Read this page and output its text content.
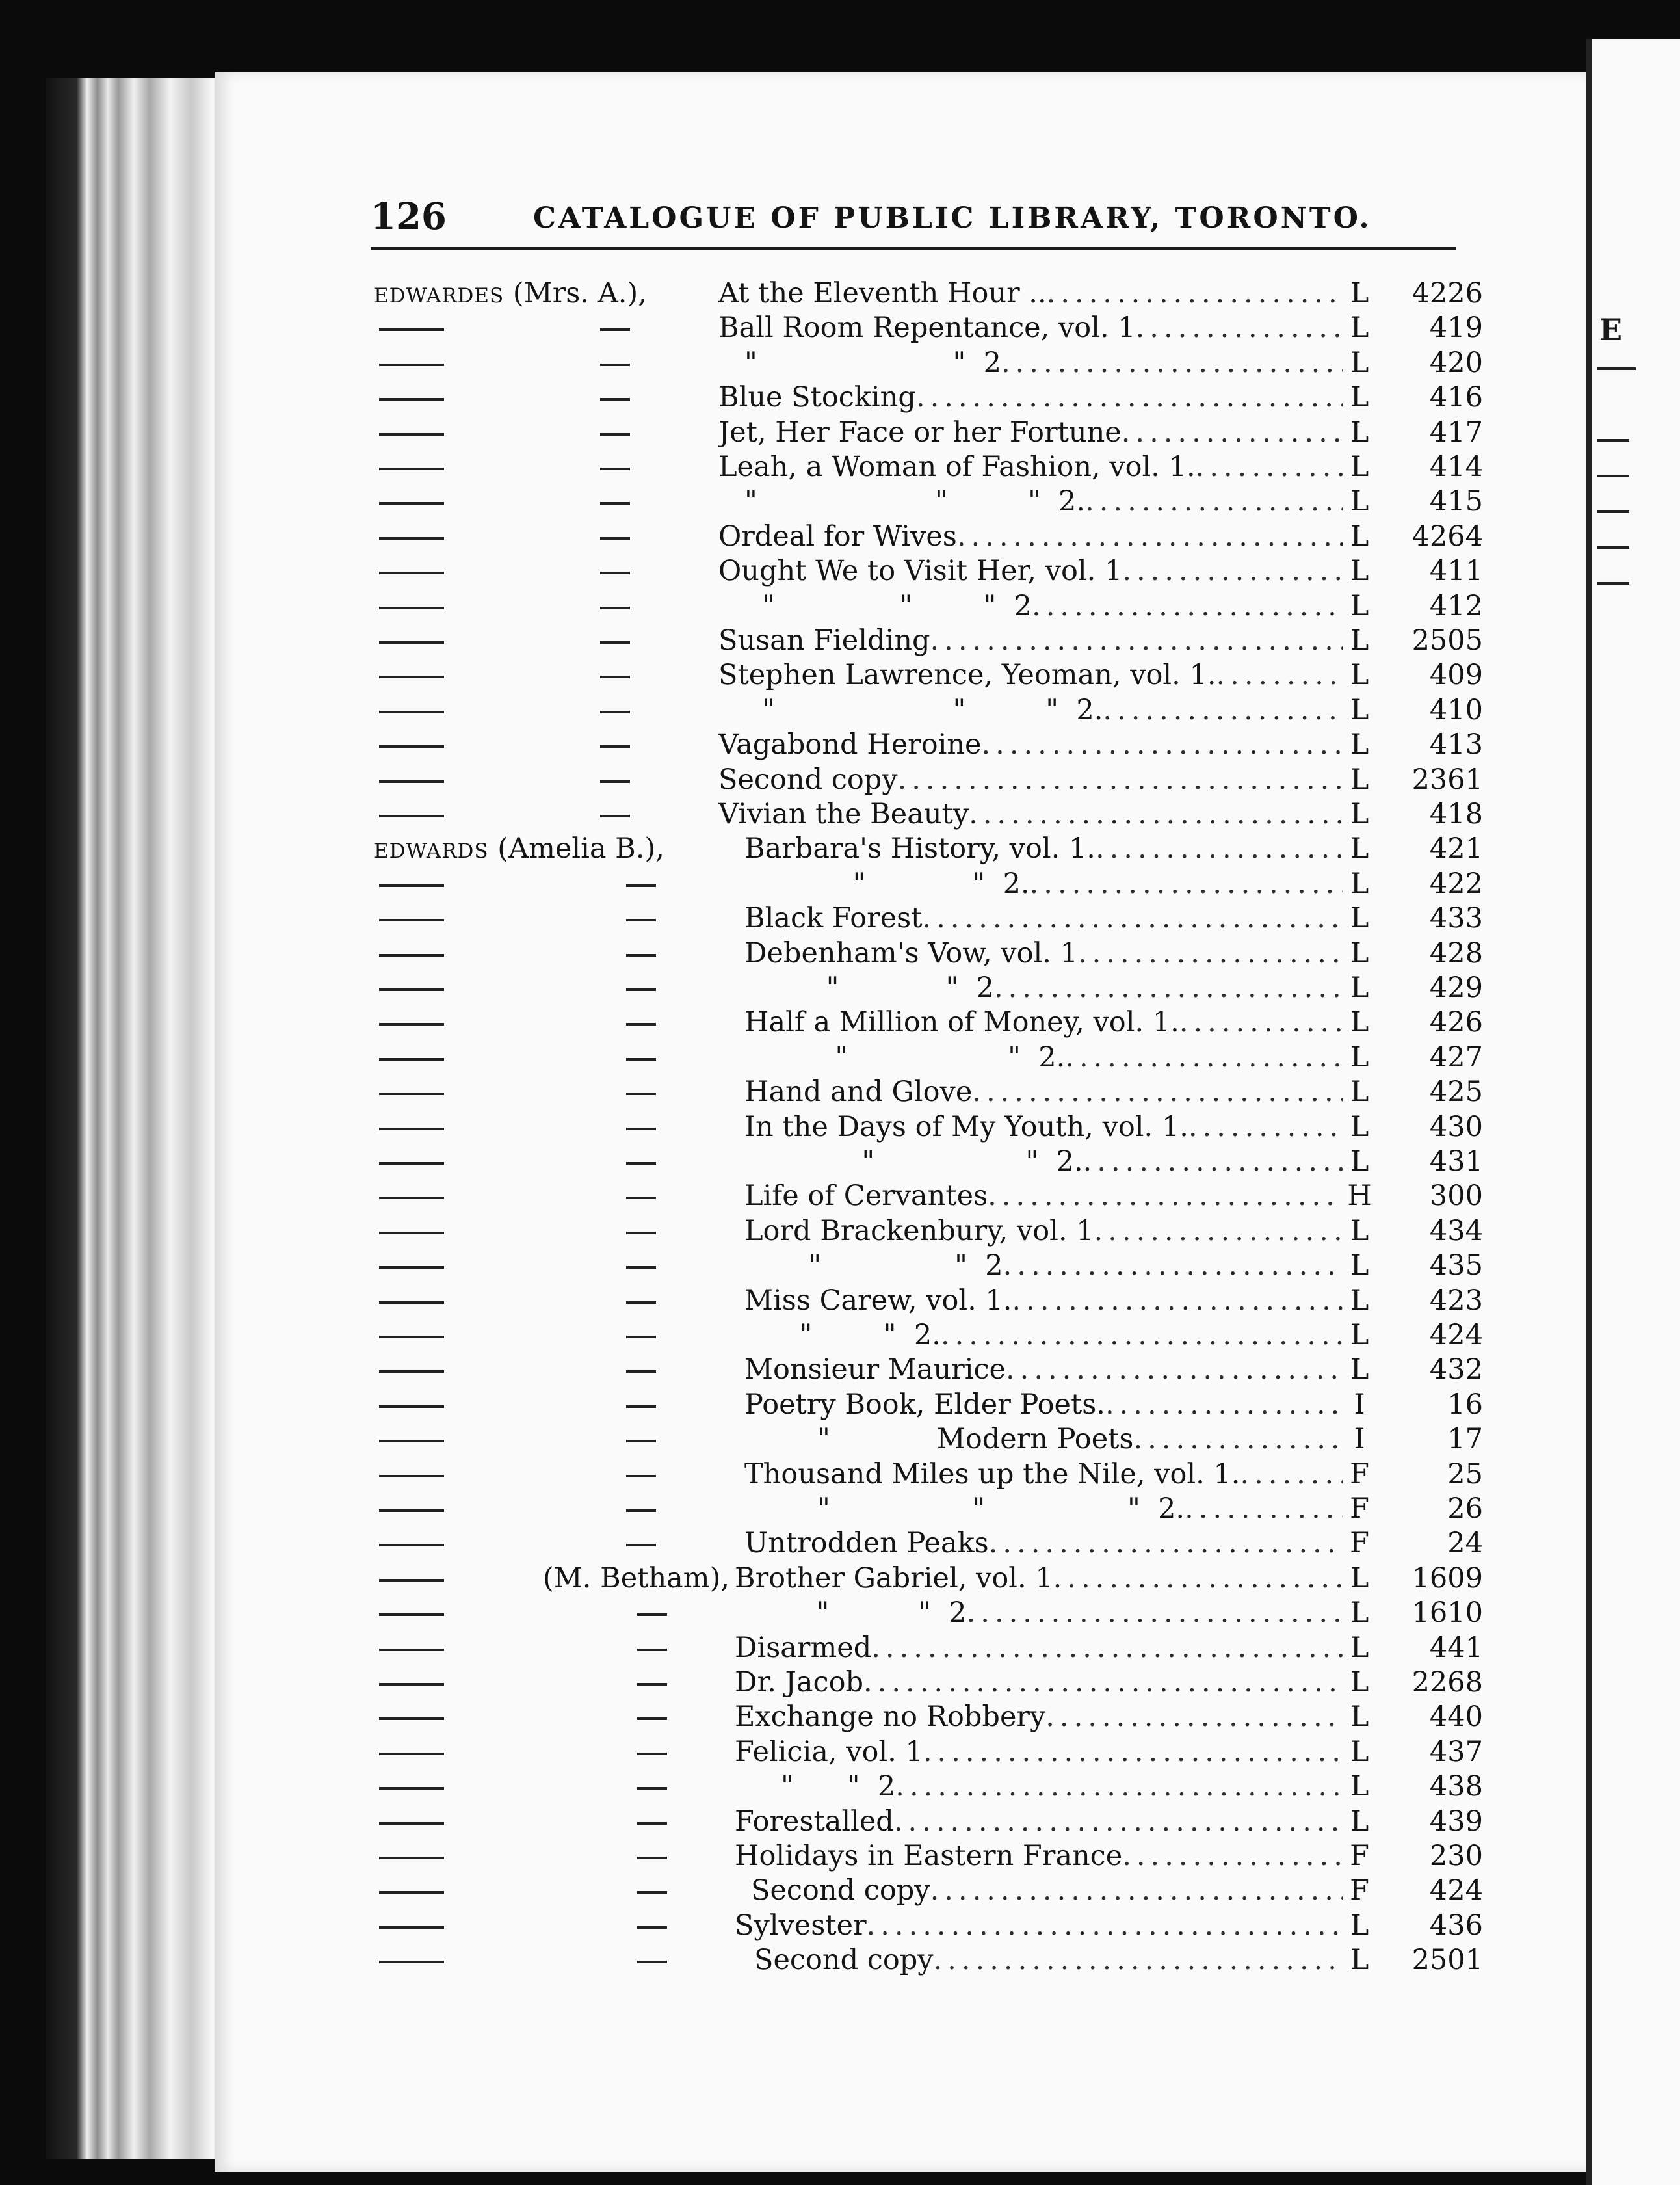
E
126	CATALOGUE OF PUBLIC LIBRARY, TORONTO.
EDWARDES (Mrs. A.),	At the Eleventh Hour .. .....	L	4226
Ball Room Repentance, vol. 1 .....	L	419
"                      "  2 .....	L	420
Blue Stocking .....	L	416
Jet, Her Face or her Fortune .....	L	417
Leah, a Woman of Fashion, vol. 1. .....	L	414
"                    "         "  2. .....	L	415
Ordeal for Wives .....	L	4264
Ought We to Visit Her, vol. 1 .....	L	411
"              "        "  2 .....	L	412
Susan Fielding .....	L	2505
Stephen Lawrence, Yeoman, vol. 1. .....	L	409
"                    "         "  2. .....	L	410
Vagabond Heroine .....	L	413
Second copy .....	L	2361
Vivian the Beauty .....	L	418
EDWARDS (Amelia B.),	Barbara's History, vol. 1. .....	L	421
"            "  2. .....	L	422
Black Forest .....	L	433
Debenham's Vow, vol. 1 .....	L	428
"            "  2 .....	L	429
Half a Million of Money, vol. 1. .....	L	426
"                  "  2. .....	L	427
Hand and Glove .....	L	425
In the Days of My Youth, vol. 1. .....	L	430
"                 "  2. .....	L	431
Life of Cervantes .....	H	300
Lord Brackenbury, vol. 1 .....	L	434
"               "  2 .....	L	435
Miss Carew, vol. 1. .....	L	423
"        "  2. .....	L	424
Monsieur Maurice .....	L	432
Poetry Book, Elder Poets. .....	I	16
"            Modern Poets .....	I	17
Thousand Miles up the Nile, vol. 1. .....	F	25
"                "                "  2. .....	F	26
Untrodden Peaks .....	F	24
(M. Betham), Brother Gabriel, vol. 1 .....	L	1609
"          "  2 .....	L	1610
Disarmed .....	L	441
Dr. Jacob .....	L	2268
Exchange no Robbery .....	L	440
Felicia, vol. 1 .....	L	437
"      "  2 .....	L	438
Forestalled .....	L	439
Holidays in Eastern France .....	F	230
Second copy .....	F	424
Sylvester .....	L	436
Second copy .....	L	2501
